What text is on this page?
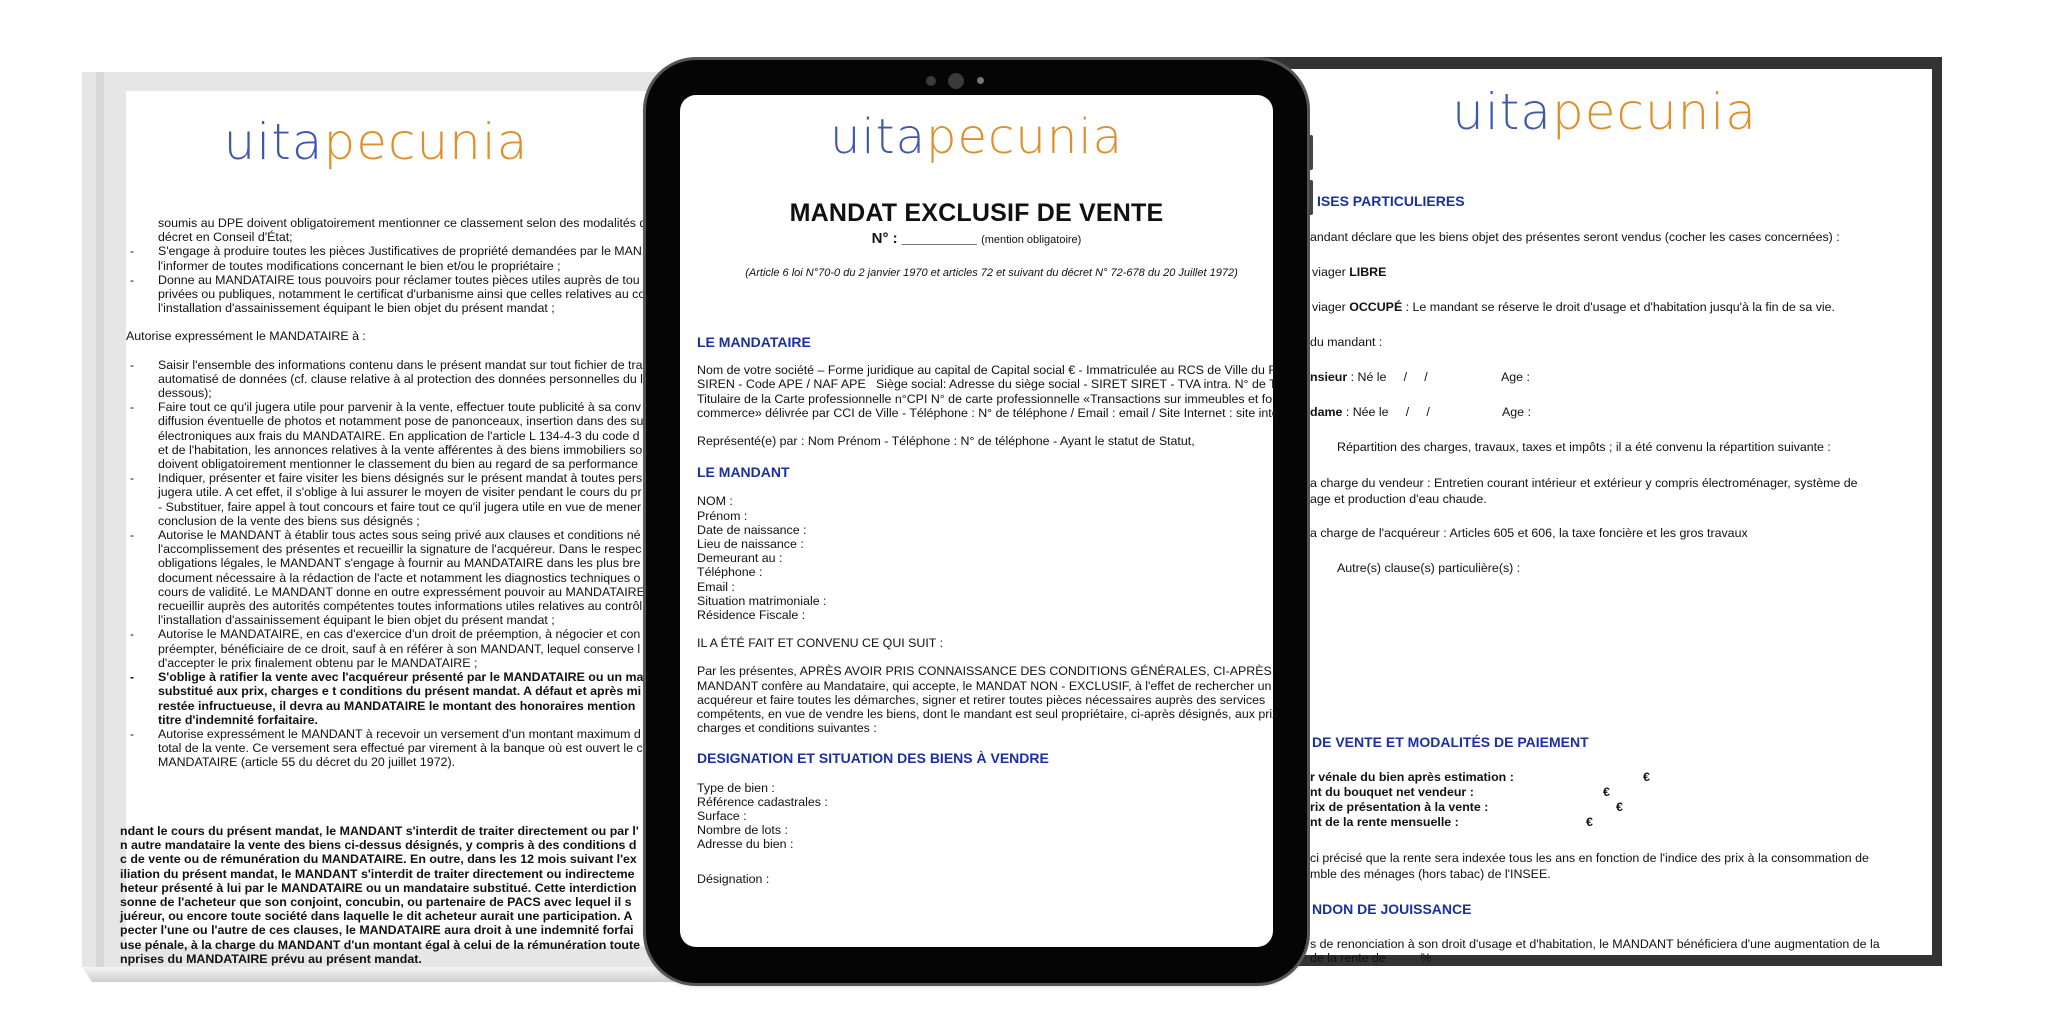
uitapecunia
soumis au DPE doivent obligatoirement mentionner ce classement selon des modalités d
décret en Conseil d'État;
- S'engage à produire toutes les pièces Justificatives de propriété demandées par le MAN
l'informer de toutes modifications concernant le bien et/ou le propriétaire ;
- Donne au MANDATAIRE tous pouvoirs pour réclamer toutes pièces utiles auprès de tou
privées ou publiques, notamment le certificat d'urbanisme ainsi que celles relatives au co
l'installation d'assainissement équipant le bien objet du présent mandat ;
Autorise expressément le MANDATAIRE à :
- Saisir l'ensemble des informations contenu dans le présent mandat sur tout fichier de tra
automatisé de données (cf. clause relative à al protection des données personnelles du l
dessous);
- Faire tout ce qu'il jugera utile pour parvenir à la vente, effectuer toute publicité à sa conv
diffusion éventuelle de photos et notamment pose de panonceaux, insertion dans des su
électroniques aux frais du MANDATAIRE. En application de l'article L 134-4-3 du code d
et de l'habitation, les annonces relatives à la vente afférentes à des biens immobiliers so
doivent obligatoirement mentionner le classement du bien au regard de sa performance
- Indiquer, présenter et faire visiter les biens désignés sur le présent mandat à toutes pers
jugera utile. A cet effet, il s'oblige à lui assurer le moyen de visiter pendant le cours du pr
- Substituer, faire appel à tout concours et faire tout ce qu'il jugera utile en vue de mener
conclusion de la vente des biens sus désignés ;
- Autorise le MANDANT à établir tous actes sous seing privé aux clauses et conditions né
l'accomplissement des présentes et recueillir la signature de l'acquéreur. Dans le respec
obligations légales, le MANDANT s'engage à fournir au MANDATAIRE dans les plus bre
document nécessaire à la rédaction de l'acte et notamment les diagnostics techniques o
cours de validité. Le MANDANT donne en outre expressément pouvoir au MANDATAIRE
recueillir auprès des autorités compétentes toutes informations utiles relatives au contrôl
l'installation d'assainissement équipant le bien objet du présent mandat ;
- Autorise le MANDATAIRE, en cas d'exercice d'un droit de préemption, à négocier et con
préempter, bénéficiaire de ce droit, sauf à en référer à son MANDANT, lequel conserve l
d'accepter le prix finalement obtenu par le MANDATAIRE ;
- S'oblige à ratifier la vente avec l'acquéreur présenté par le MANDATAIRE ou un ma
substitué aux prix, charges e t conditions du présent mandat. A défaut et après mi
restée infructueuse, il devra au MANDATAIRE le montant des honoraires mention
titre d'indemnité forfaitaire.
- Autorise expressément le MANDANT à recevoir un versement d'un montant maximum d
total de la vente. Ce versement sera effectué par virement à la banque où est ouvert le c
MANDATAIRE (article 55 du décret du 20 juillet 1972).
ndant le cours du présent mandat, le MANDANT s'interdit de traiter directement ou par l'
n autre mandataire la vente des biens ci-dessus désignés, y compris à des conditions d
c de vente ou de rémunération du MANDATAIRE. En outre, dans les 12 mois suivant l'ex
iliation du présent mandat, le MANDANT s'interdit de traiter directement ou indirecteme
heteur présenté à lui par le MANDATAIRE ou un mandataire substitué. Cette interdiction
sonne de l'acheteur que son conjoint, concubin, ou partenaire de PACS avec lequel il s
juéreur, ou encore toute société dans laquelle le dit acheteur aurait une participation. A
pecter l'une ou l'autre de ces clauses, le MANDATAIRE aura droit à une indemnité forfai
use pénale, à la charge du MANDANT d'un montant égal à celui de la rémunération toute
nprises du MANDATAIRE prévu au présent mandat.
uitapecunia
ISES PARTICULIERES
andant déclare que les biens objet des présentes seront vendus (cocher les cases concernées) :
viager LIBRE
viager OCCUPÉ : Le mandant se réserve le droit d'usage et d'habitation jusqu'à la fin de sa vie.
du mandant :
nsieur : Né le     /     /	Age :
dame : Née le     /     /	Age :
Répartition des charges, travaux, taxes et impôts ; il a été convenu la répartition suivante :
a charge du vendeur : Entretien courant intérieur et extérieur y compris électroménager, système de
age et production d'eau chaude.
a charge de l'acquéreur : Articles 605 et 606, la taxe foncière et les gros travaux
Autre(s) clause(s) particulière(s) :
DE VENTE ET MODALITÉS DE PAIEMENT
r vénale du bien après estimation :	€
nt du bouquet net vendeur :	€
rix de présentation à la vente :	€
nt de la rente mensuelle :	€
ci précisé que la rente sera indexée tous les ans en fonction de l'indice des prix à la consommation de
mble des ménages (hors tabac) de l'INSEE.
NDON DE JOUISSANCE
s de renonciation à son droit d'usage et d'habitation, le MANDANT bénéficiera d'une augmentation de la
de la rente de          %
uitapecunia
MANDAT EXCLUSIF DE VENTE
N° : _________ (mention obligatoire)
(Article 6 loi N°70-0 du 2 janvier 1970 et articles 72 et suivant du décret N° 72-678 du 20 Juillet 1972)
LE MANDATAIRE
Nom de votre société – Forme juridique au capital de Capital social € - Immatriculée au RCS de Ville du R
SIREN - Code APE / NAF APE   Siège social: Adresse du siège social - SIRET SIRET - TVA intra. N° de T
Titulaire de la Carte professionnelle n°CPI N° de carte professionnelle «Transactions sur immeubles et fo
commerce» délivrée par CCI de Ville - Téléphone : N° de téléphone / Email : email / Site Internet : site inte
Représenté(e) par : Nom Prénom - Téléphone : N° de téléphone - Ayant le statut de Statut,
LE MANDANT
NOM :
Prénom :
Date de naissance :
Lieu de naissance :
Demeurant au :
Téléphone :
Email :
Situation matrimoniale :
Résidence Fiscale :
IL A ÉTÉ FAIT ET CONVENU CE QUI SUIT :
Par les présentes, APRÈS AVOIR PRIS CONNAISSANCE DES CONDITIONS GÉNÉRALES, CI-APRÈS,
MANDANT confère au Mandataire, qui accepte, le MANDAT NON - EXCLUSIF, à l'effet de rechercher un
acquéreur et faire toutes les démarches, signer et retirer toutes pièces nécessaires auprès des services
compétents, en vue de vendre les biens, dont le mandant est seul propriétaire, ci-après désignés, aux prix
charges et conditions suivantes :
DESIGNATION ET SITUATION DES BIENS À VENDRE
Type de bien :
Référence cadastrales :
Surface :
Nombre de lots :
Adresse du bien :
Désignation :
